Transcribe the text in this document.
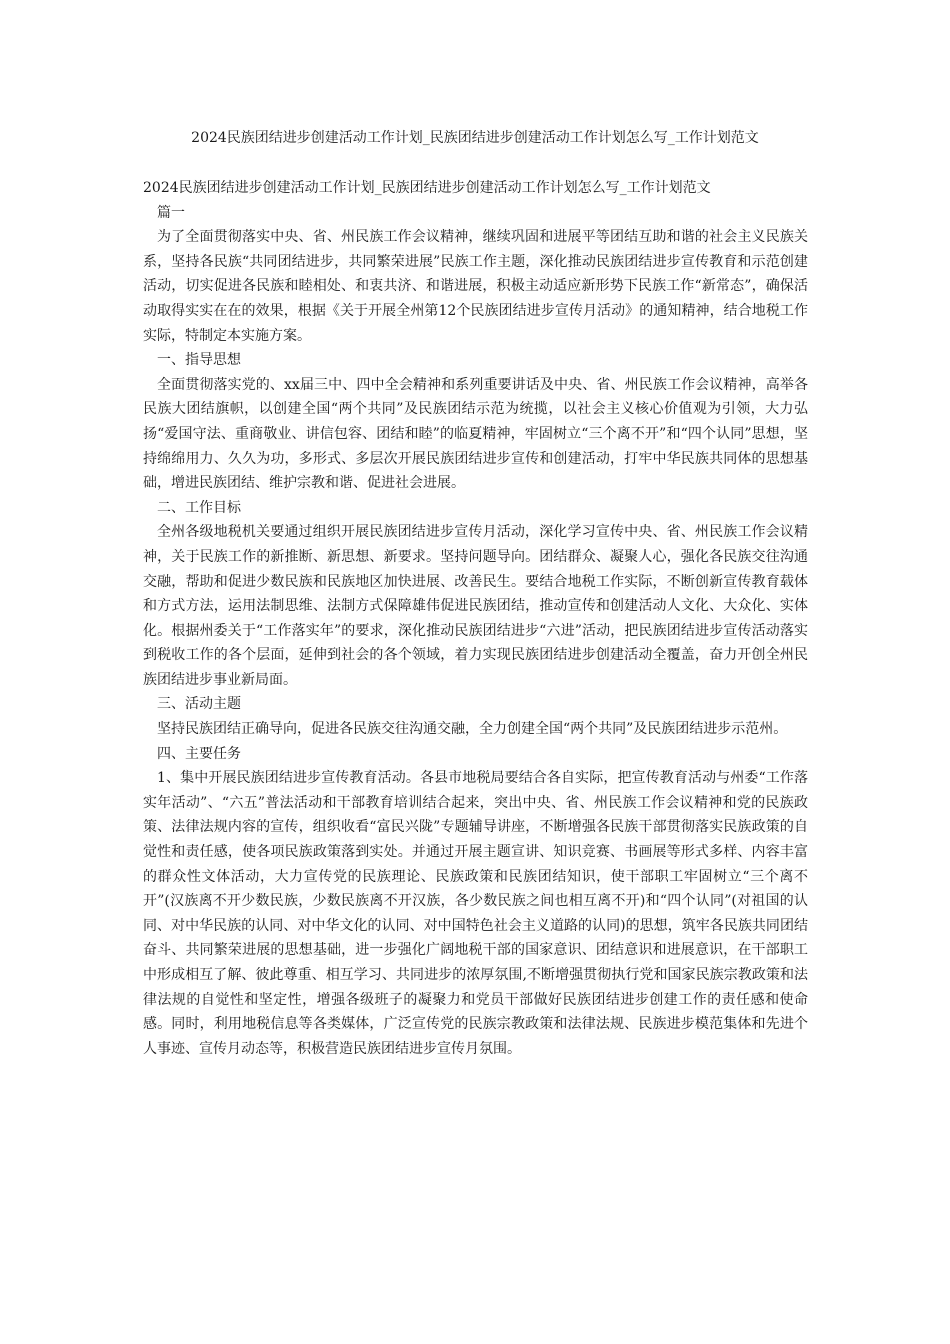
2024民族团结进步创建活动工作计划_民族团结进步创建活动工作计划怎么写_工作计划范文

2024民族团结进步创建活动工作计划_民族团结进步创建活动工作计划怎么写_工作计划范文

篇一

为了全面贯彻落实中央、省、州民族工作会议精神，继续巩固和进展平等团结互助和谐的社会主义民族关系，坚持各民族“共同团结进步，共同繁荣进展”民族工作主题，深化推动民族团结进步宣传教育和示范创建活动，切实促进各民族和睦相处、和衷共济、和谐进展，积极主动适应新形势下民族工作“新常态”，确保活动取得实实在在的效果，根据《关于开展全州第12个民族团结进步宣传月活动》的通知精神，结合地税工作实际，特制定本实施方案。

一、指导思想

全面贯彻落实党的、xx届三中、四中全会精神和系列重要讲话及中央、省、州民族工作会议精神，高举各民族大团结旗帜，以创建全国“两个共同”及民族团结示范为统揽，以社会主义核心价值观为引领，大力弘扬“爱国守法、重商敬业、讲信包容、团结和睦”的临夏精神，牢固树立“三个离不开”和“四个认同”思想，坚持绵绵用力、久久为功，多形式、多层次开展民族团结进步宣传和创建活动，打牢中华民族共同体的思想基础，增进民族团结、维护宗教和谐、促进社会进展。

二、工作目标

全州各级地税机关要通过组织开展民族团结进步宣传月活动，深化学习宣传中央、省、州民族工作会议精神，关于民族工作的新推断、新思想、新要求。坚持问题导向。团结群众、凝聚人心，强化各民族交往沟通交融，帮助和促进少数民族和民族地区加快进展、改善民生。要结合地税工作实际，不断创新宣传教育载体和方式方法，运用法制思维、法制方式保障雄伟促进民族团结，推动宣传和创建活动人文化、大众化、实体化。根据州委关于“工作落实年”的要求，深化推动民族团结进步“六进”活动，把民族团结进步宣传活动落实到税收工作的各个层面，延伸到社会的各个领域，着力实现民族团结进步创建活动全覆盖，奋力开创全州民族团结进步事业新局面。

三、活动主题

坚持民族团结正确导向，促进各民族交往沟通交融，全力创建全国“两个共同”及民族团结进步示范州。

四、主要任务

1、集中开展民族团结进步宣传教育活动。各县市地税局要结合各自实际，把宣传教育活动与州委“工作落实年活动”、“六五”普法活动和干部教育培训结合起来，突出中央、省、州民族工作会议精神和党的民族政策、法律法规内容的宣传，组织收看“富民兴陇”专题辅导讲座，不断增强各民族干部贯彻落实民族政策的自觉性和责任感，使各项民族政策落到实处。并通过开展主题宣讲、知识竞赛、书画展等形式多样、内容丰富的群众性文体活动，大力宣传党的民族理论、民族政策和民族团结知识，使干部职工牢固树立“三个离不开”(汉族离不开少数民族，少数民族离不开汉族，各少数民族之间也相互离不开)和“四个认同”(对祖国的认同、对中华民族的认同、对中华文化的认同、对中国特色社会主义道路的认同)的思想，筑牢各民族共同团结奋斗、共同繁荣进展的思想基础，进一步强化广阔地税干部的国家意识、团结意识和进展意识，在干部职工中形成相互了解、彼此尊重、相互学习、共同进步的浓厚氛围,不断增强贯彻执行党和国家民族宗教政策和法律法规的自觉性和坚定性，增强各级班子的凝聚力和党员干部做好民族团结进步创建工作的责任感和使命感。同时，利用地税信息等各类媒体，广泛宣传党的民族宗教政策和法律法规、民族进步模范集体和先进个人事迹、宣传月动态等，积极营造民族团结进步宣传月氛围。
